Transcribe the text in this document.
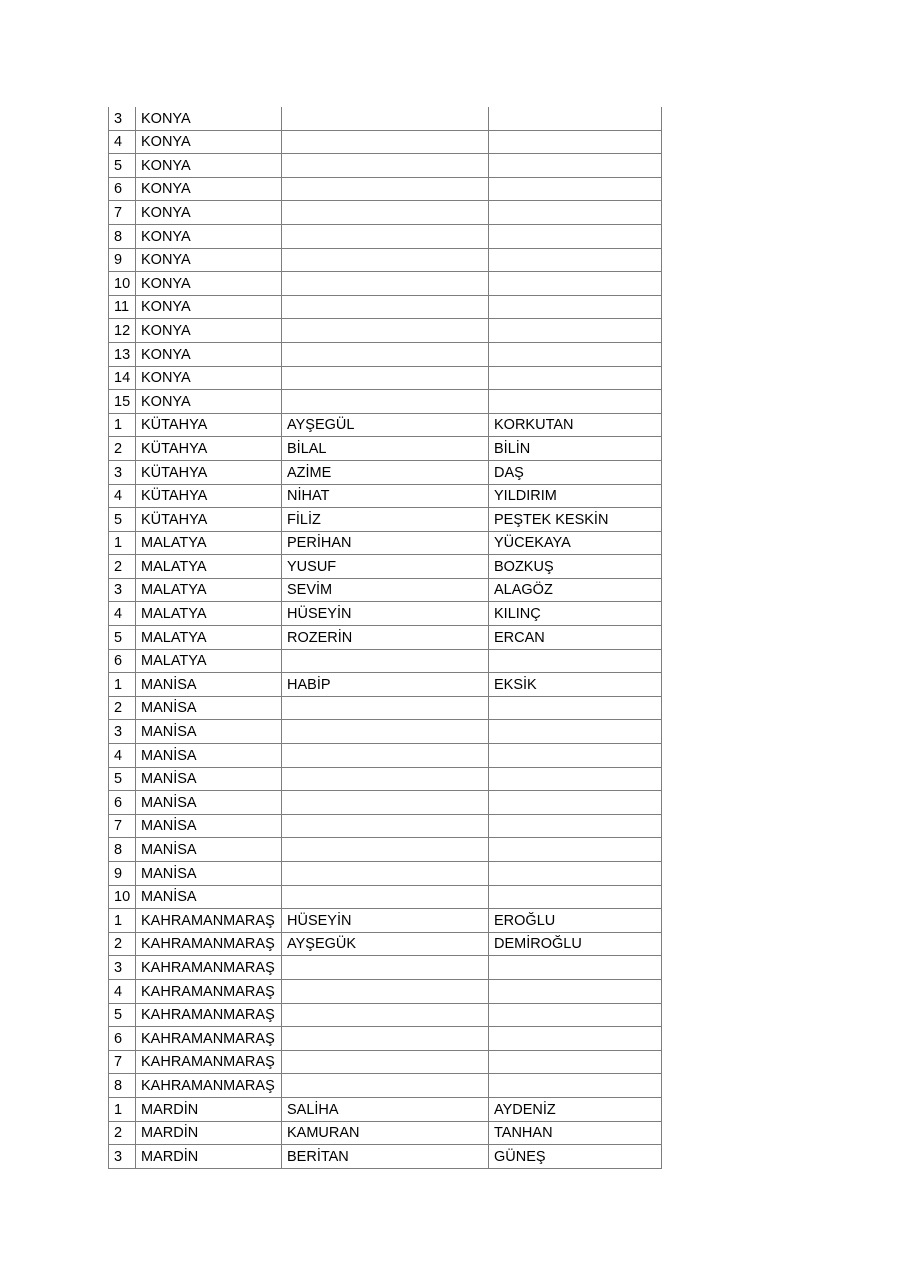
3	KONYA		
4	KONYA		
5	KONYA		
6	KONYA		
7	KONYA		
8	KONYA		
9	KONYA		
10	KONYA		
11	KONYA		
12	KONYA		
13	KONYA		
14	KONYA		
15	KONYA		
1	KÜTAHYA	AYŞEGÜL	KORKUTAN
2	KÜTAHYA	BİLAL	BİLİN
3	KÜTAHYA	AZİME	DAŞ
4	KÜTAHYA	NİHAT	YILDIRIM
5	KÜTAHYA	FİLİZ	PEŞTEK KESKİN
1	MALATYA	PERİHAN	YÜCEKAYA
2	MALATYA	YUSUF	BOZKUŞ
3	MALATYA	SEVİM	ALAGÖZ
4	MALATYA	HÜSEYİN	KILINÇ
5	MALATYA	ROZERİN	ERCAN
6	MALATYA		
1	MANİSA	HABİP	EKSİK
2	MANİSA		
3	MANİSA		
4	MANİSA		
5	MANİSA		
6	MANİSA		
7	MANİSA		
8	MANİSA		
9	MANİSA		
10	MANİSA		
1	KAHRAMANMARAŞ	HÜSEYİN	EROĞLU
2	KAHRAMANMARAŞ	AYŞEGÜK	DEMİROĞLU
3	KAHRAMANMARAŞ		
4	KAHRAMANMARAŞ		
5	KAHRAMANMARAŞ		
6	KAHRAMANMARAŞ		
7	KAHRAMANMARAŞ		
8	KAHRAMANMARAŞ		
1	MARDİN	SALİHA	AYDENİZ
2	MARDİN	KAMURAN	TANHAN
3	MARDİN	BERİTAN	GÜNEŞ
